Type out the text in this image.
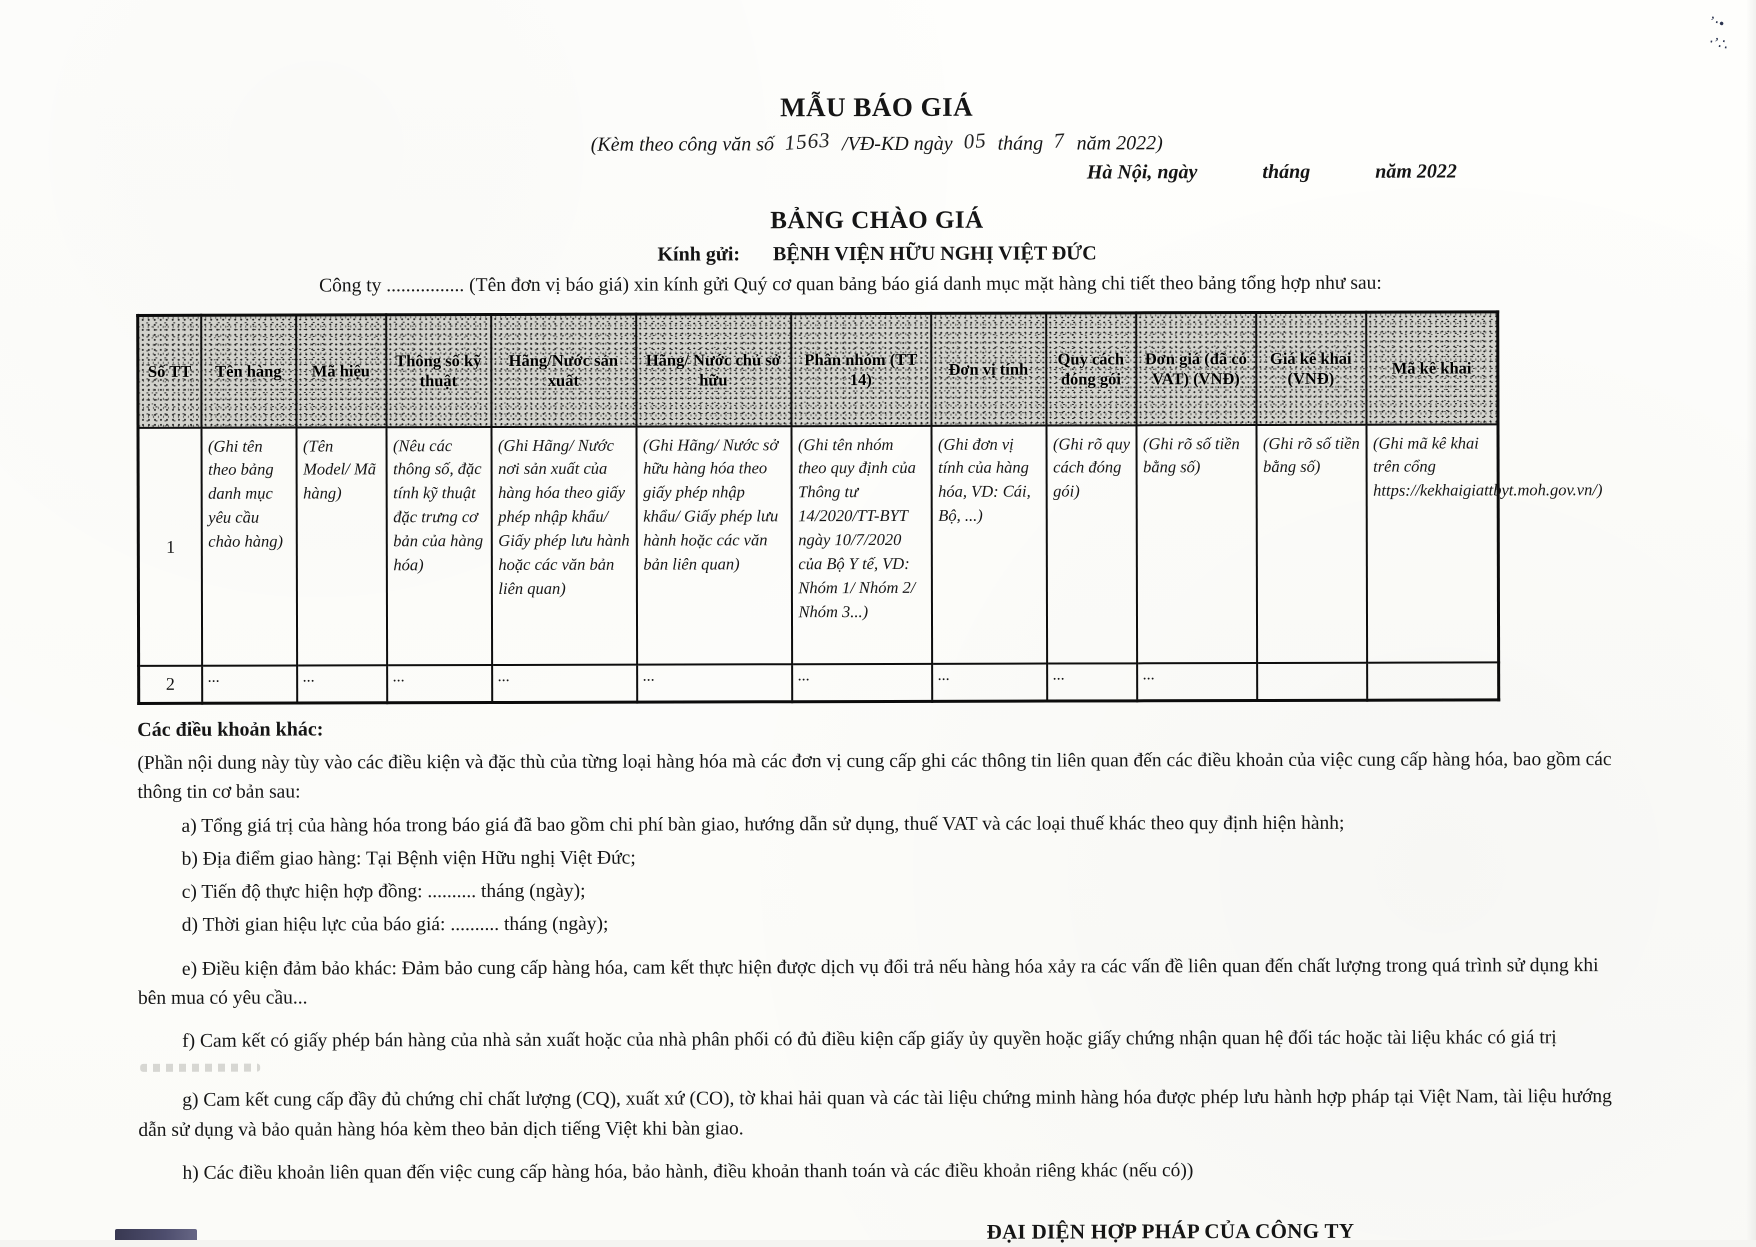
’⋅•
⋅’∴
MẪU BÁO GIÁ
(Kèm theo công văn số 1563 /VĐ-KD ngày 05 tháng 7 năm 2022)
Hà Nội, ngày	tháng	năm 2022
BẢNG CHÀO GIÁ
Kính gửi: BỆNH VIỆN HỮU NGHỊ VIỆT ĐỨC
Công ty ................ (Tên đơn vị báo giá) xin kính gửi Quý cơ quan bảng báo giá danh mục mặt hàng chi tiết theo bảng tổng hợp như sau:
Số TT	Tên hàng	Mã hiệu	Thông số kỹ thuật	Hãng/Nước sản xuất	Hãng/ Nước chủ sở hữu	Phân nhóm (TT 14)	Đơn vị tính	Quy cách đóng gói	Đơn giá (đã có VAT) (VNĐ)	Giá kê khai (VNĐ)	Mã kê khai
1	(Ghi tên theo bảng danh mục yêu cầu chào hàng)	(Tên Model/ Mã hàng)	(Nêu các thông số, đặc tính kỹ thuật đặc trưng cơ bản của hàng hóa)	(Ghi Hãng/ Nước nơi sản xuất của hàng hóa theo giấy phép nhập khẩu/ Giấy phép lưu hành hoặc các văn bản liên quan)	(Ghi Hãng/ Nước sở hữu hàng hóa theo giấy phép nhập khẩu/ Giấy phép lưu hành hoặc các văn bản liên quan)	(Ghi tên nhóm theo quy định của Thông tư 14/2020/TT-BYT ngày 10/7/2020 của Bộ Y tế, VD: Nhóm 1/ Nhóm 2/ Nhóm 3...)	(Ghi đơn vị tính của hàng hóa, VD: Cái, Bộ, ...)	(Ghi rõ quy cách đóng gói)	(Ghi rõ số tiền bằng số)	(Ghi rõ số tiền bằng số)	(Ghi mã kê khai trên cổng https://kekhaigiattbyt.moh.gov.vn/)
2	...	...	...	...	...	...	...	...	...		
Các điều khoản khác:

(Phần nội dung này tùy vào các điều kiện và đặc thù của từng loại hàng hóa mà các đơn vị cung cấp ghi các thông tin liên quan đến các điều khoản của việc cung cấp hàng hóa, bao gồm các thông tin cơ bản sau:

a) Tổng giá trị của hàng hóa trong báo giá đã bao gồm chi phí bàn giao, hướng dẫn sử dụng, thuế VAT và các loại thuế khác theo quy định hiện hành;

b) Địa điểm giao hàng: Tại Bệnh viện Hữu nghị Việt Đức;

c) Tiến độ thực hiện hợp đồng: .......... tháng (ngày);

d) Thời gian hiệu lực của báo giá: .......... tháng (ngày);

e) Điều kiện đảm bảo khác: Đảm bảo cung cấp hàng hóa, cam kết thực hiện được dịch vụ đổi trả nếu hàng hóa xảy ra các vấn đề liên quan đến chất lượng trong quá trình sử dụng khi bên mua có yêu cầu...

f) Cam kết có giấy phép bán hàng của nhà sản xuất hoặc của nhà phân phối có đủ điều kiện cấp giấy ủy quyền hoặc giấy chứng nhận quan hệ đối tác hoặc tài liệu khác có giá trị

g) Cam kết cung cấp đầy đủ chứng chỉ chất lượng (CQ), xuất xứ (CO), tờ khai hải quan và các tài liệu chứng minh hàng hóa được phép lưu hành hợp pháp tại Việt Nam, tài liệu hướng dẫn sử dụng và bảo quản hàng hóa kèm theo bản dịch tiếng Việt khi bàn giao.

h) Các điều khoản liên quan đến việc cung cấp hàng hóa, bảo hành, điều khoản thanh toán và các điều khoản riêng khác (nếu có))

ĐẠI DIỆN HỢP PHÁP CỦA CÔNG TY
